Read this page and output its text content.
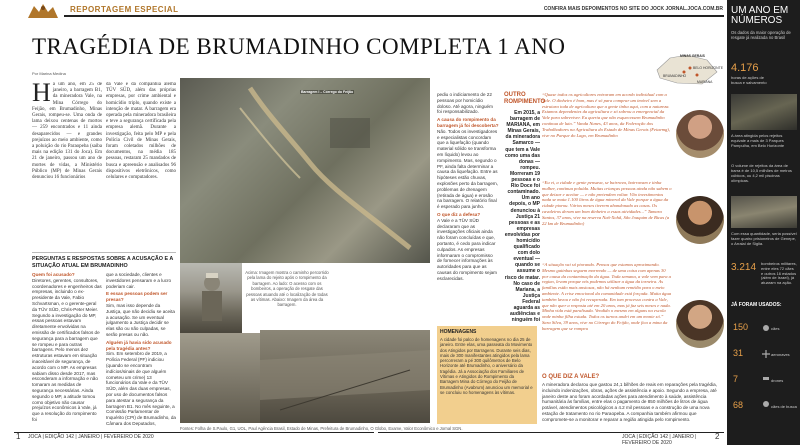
REPORTAGEM ESPECIAL	CONFIRA MAIS DEPOIMENTOS NO SITE DO JOCK JORNAL.JOCA.COM.BR
TRAGÉDIA DE BRUMADINHO COMPLETA 1 ANO
Por Marina Medina
H á um ano, em 25 de janeiro, a barragem B1, da mineradora Vale, na Mina Córrego do Feijão, em Brumadinho, Minas Gerais, rompeu-se. Uma onda de lama deixou centenas de mortos — 259 encontrados e 11 ainda desaparecidos — e grandes prejuízos ao meio ambiente, como a poluição do rio Paraopeba (saiba mais na edição 131 do Joca). Em 21 de janeiro, passou um ano de mortes de vidas, a Ministério Público (MP) de Minas Gerais denunciou 16 funcionários
da Vale e da companhia alemã TÜV SÜD, além das próprias empresas, por crime ambiental e homicídio triplo, quando existe a intenção de matar. A barragem era operada pela mineradora brasileira e teve a segurança certificada pela empresa alemã. Durante a investigação, feita pelo MP e pela Polícia Civil de Minas Gerais, foram coletados milhões de documentos, na média 185 pessoas, restaram 25 mandados de busca e apreensão e analisados 96 dispositivos eletrônicos, como celulares e computadores.
PERGUNTAS E RESPOSTAS SOBRE A ACUSAÇÃO E A SITUAÇÃO ATUAL EM BRUMADINHO
Quem foi acusado?
Diretores, gerentes, consultores, coordenadores e engenheiros das empresas, incluindo o ex-presidente da Vale, Fabio Schvartsman, e o gerente-geral da TÜV SÜD, Chris-Peter Meier. Segundo a investigação do MP, essas pessoas estavam diretamente envolvidas na emissão de certificados falsos de segurança para a barragem que se rompeu e para outras barragens. Pelo menos dez estruturas estavam em situação inaceitável de segurança, de acordo com o MP. As empresas sabiam disso desde 2017, mas esconderam a informação e não tomaram as medidas de segurança necessárias. Ainda segundo o MP, a atitude tomou como objetivo não causar prejuízos econômicos à Vale, já que a resolução do rompimento foi
que a sociedade, clientes e investidores pensaram e a lucro poderiam cair.
E essas pessoas podem ser presas?
Sim, mas isso depende da Justiça, que não decidiu se aceita a acusação. Se um eventual julgamento a Justiça decidir se elas são ou não culpadas, se serão presas ou não.
Alguém já havia sido acusado pela tragédia antes?
Sim. Em setembro de 2019, a Polícia Federal (PF) indiciou (quando se encontram indícios/sinais de que alguém cometeu um crime) 13 funcionários da Vale e da TÜV SÜD, além das duas empresas, por uso de documentos falsos para atestar a segurança da barragem B1. No mês seguinte, a Comissão Parlamentar de Inquérito (CPI) de Brumadinho, da Câmara dos Deputados,
Barragem I – Córrego do Feijão
Acima: Imagem mostra o caminho percorrido pela lama do rejeito após o rompimento da barragem. Ao lado: O acesso com os bombeiros, a operação de resgate das pessoas atuando até o localização de todas as vítimas. Abaixo: Imagem da área da barragem.
Fontes: Folha de S.Paulo, G1, UOL, Paul Agência Brasil, Estado de Minas, Prefeitura de Brumadinho, O Globo, Exame, Valor Econômico e Jornal SGN.
pediu o indiciamento de 22 pessoas por homicídio doloso. Até agora, ninguém foi responsabilizado.
A causa do rompimento da barragem já foi descoberta?
Não. Todos os investigadores e especialistas concordam que a liquefação (quando material sólido se transforma em líquido) levou ao rompimento. Mas, segundo o PF, ainda falta determinar a causa da liquefação. Entre as hipóteses estão chuvas, explosões perto da barragem, problemas de drenagem (retirada de água) e erosão na barragem. O relatório final é esperado para junho.
O que diz a defesa?
A Vale e a TÜV SÜD declararam que as investigações oficiais ainda não foram concluídas e que, portanto, é cedo para indicar culpados. As empresas informaram o compromisso de fornecer informações às autoridades para que as causas do rompimento sejam esclarecidas.
OUTRO ROMPIMENTO
Em 2015, a barragem de MARIANA, em Minas Gerais, da mineradora Samarco — que tem a Vale como uma das donas — rompeu. Morreram 19 pessoas e o Rio Doce foi contaminado. Um ano depois, o MP denunciou à Justiça 21 pessoas e as empresas envolvidas por homicídio qualificado com dolo eventual — quando se assume o risco de matar. No caso de Mariana, a Justiça Federal aguarda as audiências e ninguém foi
HOMENAGENS

A cidade foi palco de homenagens no dia 25 de janeiro. Entre elas, uma passeata do Movimento dos Atingidos por Barragens. Durante seis dias, mais de 300 manifestantes atingidos pela lama percorreram a pé 300 quilômetros de Belo Horizonte até Brumadinho, o aniversário da tragédia. Já a Associação dos Familiares de Vítimas e Atingidos do Rompimento da Barragem Mina do Córrego do Feijão de Brumadinho (Avabrum) anunciou um memorial e se concluiu no homenagens às vítimas.

“Quase todos os agricultores entraram em acordo individual com a Vale. O dinheiro é bom, mas é só para comprar um imóvel sem a estrutura toda de agricultura que a gente tinha aqui, com a natureza. Estamos dependentes da agricultura e só sobrou a emergencial da Vale para sobreviver. Eu queria que não esquecessem Brumadinho continua de luto.” Vanda Nunes, 43 anos, da Federação dos Trabalhadores na Agricultura do Estado de Minas Gerais (Fetaemg), vive no Parque do Lago, em Brumadinho
“Eu vi, a cidade e gente pensava, se bairrava, bairravam e tinha mulher, continua poluída. Muitas crianças pessoas ainda não sabem o que deixar e aceitar — e não pretendem voltar. Vão investimentos nada se mata 1.100 litros de água mineral da Vale porque a água da cidade piorou. Vários meses tiverem abandonado as casas. Os cavaleiros deram um bom dinheiro a essas atividades...” Tamara Santos, 37 anos, vive na reserva Naô-Xohã, São Joaquim de Bicas (a 22 km de Brumadinho)
“A situação vai só piorando. Pensos que estamos aproximando. Mesmo gatinhas seguem morrendo — de uma coisa com apenas 30 por causa da contaminação da água. Toda semana, a vale vem para a regiao, levam porque nós podemos utilizar a água da torneira. As famílias estão mais ansiosas, não há nenhum remédio para o meio ambiente. A crise emocional da comunidade está forçada. Muita água também lavou e não foi recuperada. Em tom processo contra a Vale, que não quer a resposta até em 20 anos, mas já faz seis meses e nada. Minha vida está paralisada. Vendido o mesmo em alguns na escola onde minha filha estuda. Todos os turnos andei em um monte só.” Sara Silva, 39 anos, vive no Córrego do Feijão, onde fica a mina da barragem que se rompeu
O QUE DIZ A VALE?
A mineradora declarou que gastou 24,1 bilhões de reais em reparações pela tragédia, incluindo indenizações, obras, ações de assistência e apoio. Segundo a empresa, até janeiro deste ano foram acordadas ações para atendimento à saúde, assistência humanitária às famílias, entre elas o pagamento de 850 milhões de litros de água potável, atendimentos psicológicos a 4.2 mil pessoas e a construção de uma nova estação de tratamento no rio Paraopeba. A companhia também afirmou que compromete-se a monitorar e reparar a região atingida pelo rompimento.
1 JOCA | EDIÇÃO 142 | JANEIRO | FEVEREIRO DE 2020	JOCA | EDIÇÃO 142 | JANEIRO | FEVEREIRO DE 2020
2
MINAS GERAIS
BELO HORIZONTE
BRUMADINHO
MARIANA
UM ANO EM
NÚMEROS
Os dados da maior operação de resgate já realizada no Brasil
4.176
horas de ações de busca e salvamento
A área atingida pelos rejeitos equivale a mais de 3 Parques Pampulha, em Belo Horizonte
O volume de rejeitos da área de barra é de 10,5 milhões de metros cúbicos, ou 4,2 mil piscinas olímpicas.
Com essa quantidade, seria possível fazer quatro prisioneiros de Genepe, o Arraial de Siglia.
3.214 bombeiros militares, entre eles 72 cães e outros 16 estados (além de Israel), já atuaram na ação.
JÁ FORAM USADOS:
150	cães
31	aeronaves
7	drones
68	cães de busca
